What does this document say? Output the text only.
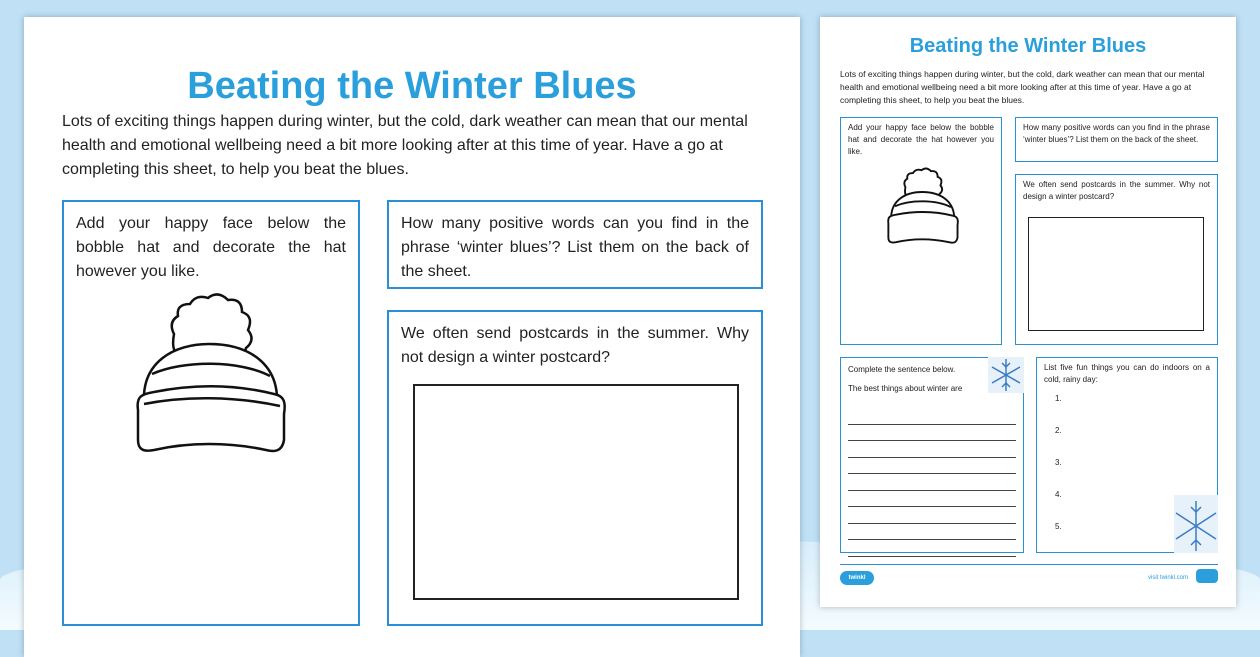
Beating the Winter Blues
Lots of exciting things happen during winter, but the cold, dark weather can mean that our mental health and emotional wellbeing need a bit more looking after at this time of year. Have a go at completing this sheet, to help you beat the blues.
Add your happy face below the bobble hat and decorate the hat however you like.
How many positive words can you find in the phrase ‘winter blues’? List them on the back of the sheet.
We often send postcards in the summer. Why not design a winter postcard?
Beating the Winter Blues
Lots of exciting things happen during winter, but the cold, dark weather can mean that our mental health and emotional wellbeing need a bit more looking after at this time of year. Have a go at completing this sheet, to help you beat the blues.
Add your happy face below the bobble hat and decorate the hat however you like.
How many positive words can you find in the phrase ‘winter blues’? List them on the back of the sheet.
We often send postcards in the summer. Why not design a winter postcard?
Complete the sentence below.
The best things about winter are
List five fun things you can do indoors on a cold, rainy day:
1.
2.
3.
4.
5.
twinkl	visit twinkl.com
